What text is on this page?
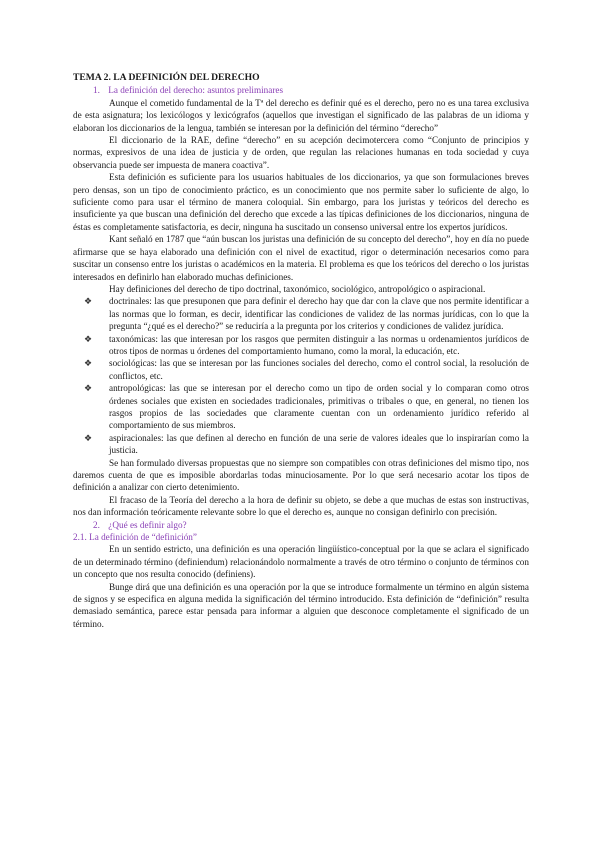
TEMA 2. LA DEFINICIÓN DEL DERECHO

1. La definición del derecho: asuntos preliminares

Aunque el cometido fundamental de la Tª del derecho es definir qué es el derecho, pero no es una tarea exclusiva de esta asignatura; los lexicólogos y lexicógrafos (aquellos que investigan el significado de las palabras de un idioma y elaboran los diccionarios de la lengua, también se interesan por la definición del término “derecho”

El diccionario de la RAE, define “derecho” en su acepción decimotercera como “Conjunto de principios y normas, expresivos de una idea de justicia y de orden, que regulan las relaciones humanas en toda sociedad y cuya observancia puede ser impuesta de manera coactiva”.

Esta definición es suficiente para los usuarios habituales de los diccionarios, ya que son formulaciones breves pero densas, son un tipo de conocimiento práctico, es un conocimiento que nos permite saber lo suficiente de algo, lo suficiente como para usar el término de manera coloquial. Sin embargo, para los juristas y teóricos del derecho es insuficiente ya que buscan una definición del derecho que excede a las típicas definiciones de los diccionarios, ninguna de éstas es completamente satisfactoria, es decir, ninguna ha suscitado un consenso universal entre los expertos jurídicos.

Kant señaló en 1787 que “aún buscan los juristas una definición de su concepto del derecho”, hoy en día no puede afirmarse que se haya elaborado una definición con el nivel de exactitud, rigor o determinación necesarios como para suscitar un consenso entre los juristas o académicos en la materia. El problema es que los teóricos del derecho o los juristas interesados en definirlo han elaborado muchas definiciones.

Hay definiciones del derecho de tipo doctrinal, taxonómico, sociológico, antropológico o aspiracional.

❖ doctrinales: las que presuponen que para definir el derecho hay que dar con la clave que nos permite identificar a las normas que lo forman, es decir, identificar las condiciones de validez de las normas jurídicas, con lo que la pregunta “¿qué es el derecho?” se reduciría a la pregunta por los criterios y condiciones de validez jurídica.
❖ taxonómicas: las que interesan por los rasgos que permiten distinguir a las normas u ordenamientos jurídicos de otros tipos de normas u órdenes del comportamiento humano, como la moral, la educación, etc.
❖ sociológicas: las que se interesan por las funciones sociales del derecho, como el control social, la resolución de conflictos, etc.
❖ antropológicas: las que se interesan por el derecho como un tipo de orden social y lo comparan como otros órdenes sociales que existen en sociedades tradicionales, primitivas o tribales o que, en general, no tienen los rasgos propios de las sociedades que claramente cuentan con un ordenamiento jurídico referido al comportamiento de sus miembros.
❖ aspiracionales: las que definen al derecho en función de una serie de valores ideales que lo inspirarían como la justicia.

Se han formulado diversas propuestas que no siempre son compatibles con otras definiciones del mismo tipo, nos daremos cuenta de que es imposible abordarlas todas minuciosamente. Por lo que será necesario acotar los tipos de definición a analizar con cierto detenimiento.

El fracaso de la Teoría del derecho a la hora de definir su objeto, se debe a que muchas de estas son instructivas, nos dan información teóricamente relevante sobre lo que el derecho es, aunque no consigan definirlo con precisión.

2. ¿Qué es definir algo?

2.1. La definición de “definición”

En un sentido estricto, una definición es una operación lingüístico-conceptual por la que se aclara el significado de un determinado término (definiendum) relacionándolo normalmente a través de otro término o conjunto de términos con un concepto que nos resulta conocido (definiens).

Bunge dirá que una definición es una operación por la que se introduce formalmente un término en algún sistema de signos y se especifica en alguna medida la significación del término introducido. Esta definición de “definición” resulta demasiado semántica, parece estar pensada para informar a alguien que desconoce completamente el significado de un término.
